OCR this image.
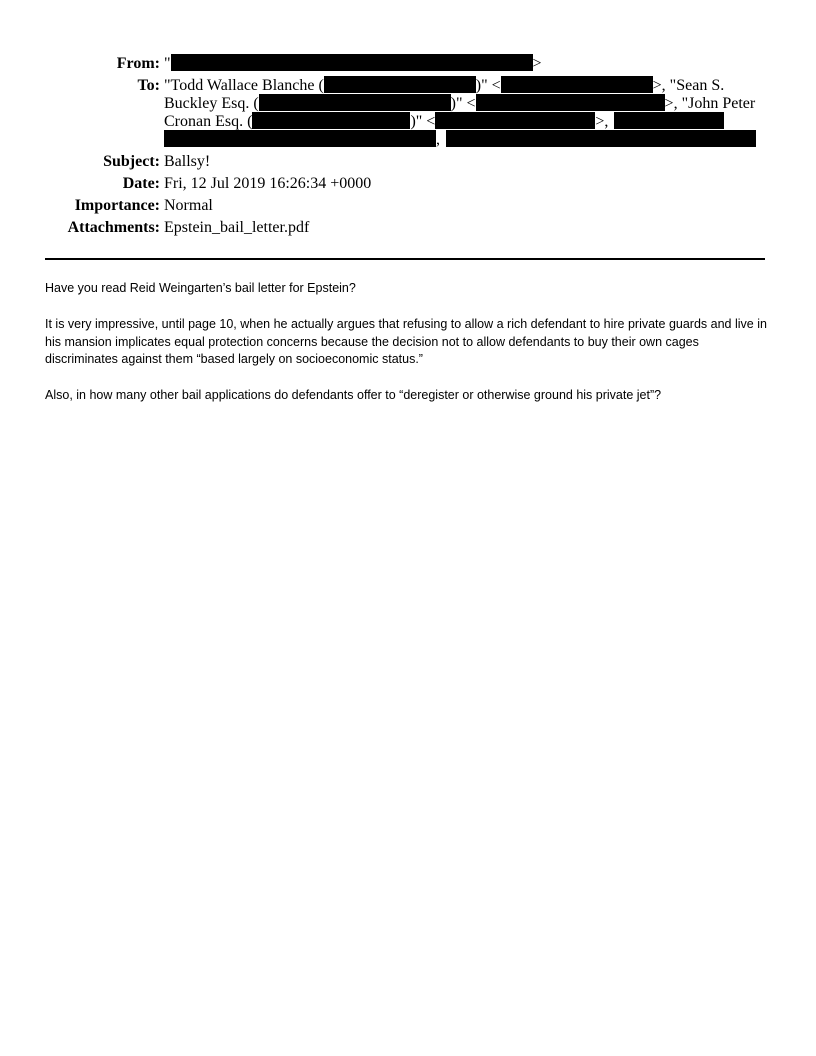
From: "	>
To: "Todd Wallace Blanche (	)" <	>, "Sean S.
Buckley Esq. (	)" <	>, "John Peter
Cronan Esq. (	)" <	>,
,
Subject: Ballsy!
Date: Fri, 12 Jul 2019 16:26:34 +0000
Importance: Normal
Attachments: Epstein_bail_letter.pdf

Have you read Reid Weingarten’s bail letter for Epstein?

It is very impressive, until page 10, when he actually argues that refusing to allow a rich defendant to hire private guards and live in his mansion implicates equal protection concerns because the decision not to allow defendants to buy their own cages discriminates against them “based largely on socioeconomic status.”

Also, in how many other bail applications do defendants offer to “deregister or otherwise ground his private jet”?
